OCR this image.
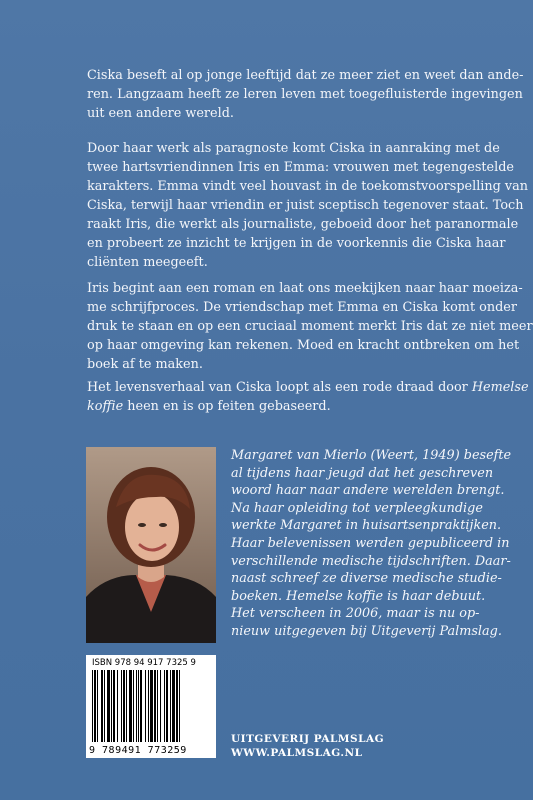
Ciska beseft al op jonge leeftijd dat ze meer ziet en weet dan ande-
ren. Langzaam heeft ze leren leven met toegefluisterde ingevingen
uit een andere wereld.

Door haar werk als paragnoste komt Ciska in aanraking met de
twee hartsvriendinnen Iris en Emma: vrouwen met tegengestelde
karakters. Emma vindt veel houvast in de toekomstvoorspelling van
Ciska, terwijl haar vriendin er juist sceptisch tegenover staat. Toch
raakt Iris, die werkt als journaliste, geboeid door het paranormale
en probeert ze inzicht te krijgen in de voorkennis die Ciska haar
cliënten meegeeft.

Iris begint aan een roman en laat ons meekijken naar haar moeiza-
me schrijfproces. De vriendschap met Emma en Ciska komt onder
druk te staan en op een cruciaal moment merkt Iris dat ze niet meer
op haar omgeving kan rekenen. Moed en kracht ontbreken om het
boek af te maken.

Het levensverhaal van Ciska loopt als een rode draad door Hemelse
koffie heen en is op feiten gebaseerd.

Margaret van Mierlo (Weert, 1949) besefte
al tijdens haar jeugd dat het geschreven
woord haar naar andere werelden brengt.
Na haar opleiding tot verpleegkundige
werkte Margaret in huisartsenpraktijken.
Haar belevenissen werden gepubliceerd in
verschillende medische tijdschriften. Daar-
naast schreef ze diverse medische studie-
boeken. Hemelse koffie is haar debuut.
Het verscheen in 2006, maar is nu op-
nieuw uitgegeven bij Uitgeverij Palmslag.

ISBN 978 94 917 7325 9
9 789491 773259

UITGEVERIJ PALMSLAG
WWW.PALMSLAG.NL
